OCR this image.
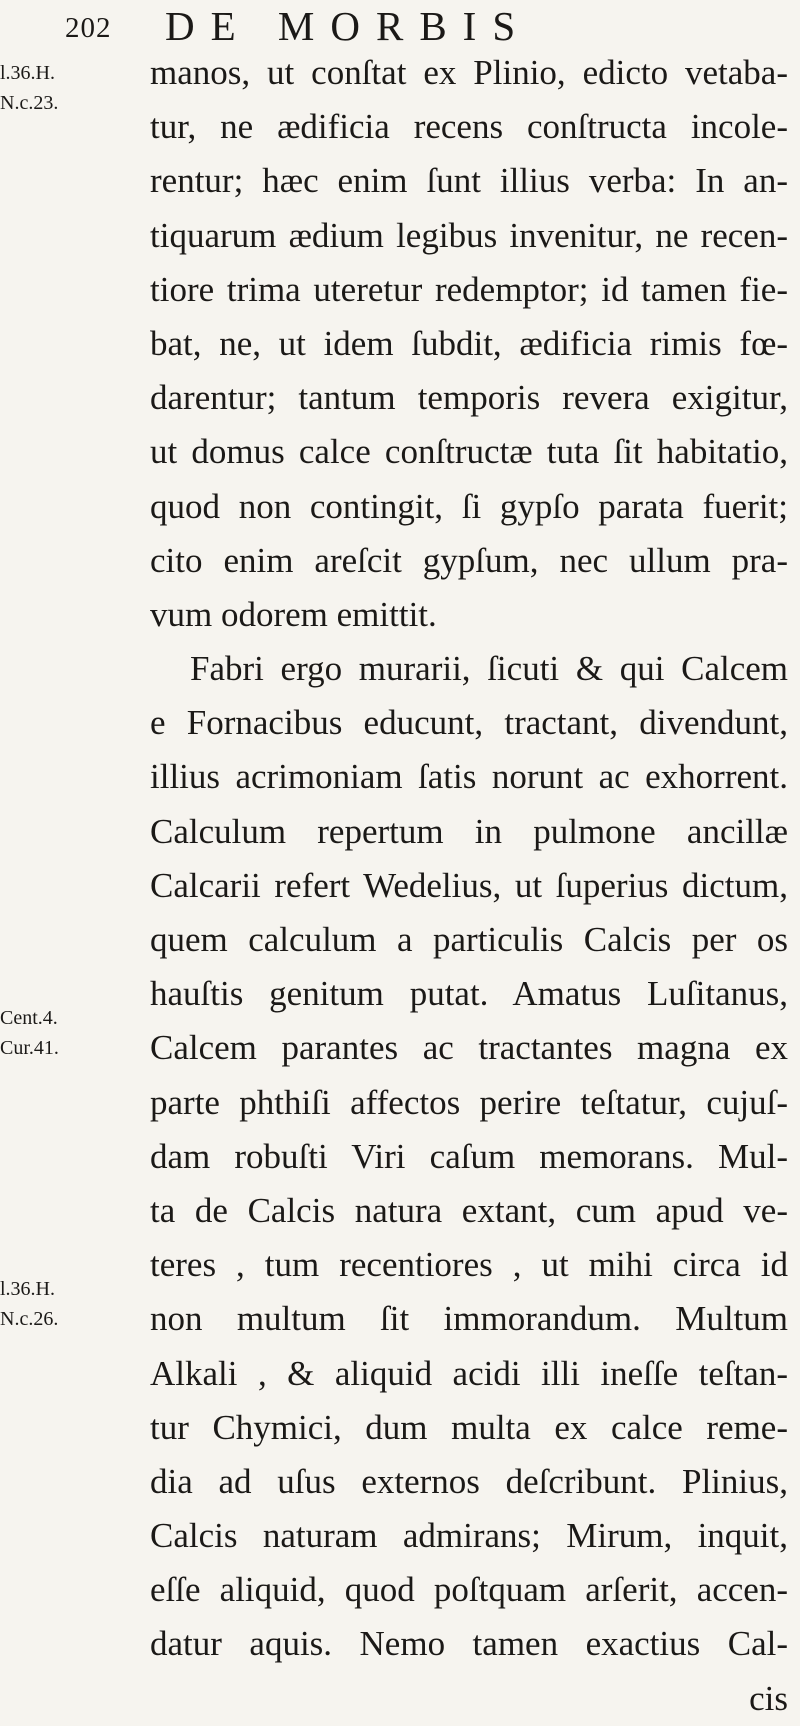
202 DE MORBIS
l.36.H.
N.c.23.
Cent.4.
Cur.41.
l.36.H.
N.c.26.
manos, ut conſtat ex Plinio, edicto vetaba-
tur, ne ædificia recens conſtructa incole-
rentur; hæc enim ſunt illius verba: In an-
tiquarum ædium legibus invenitur, ne recen-
tiore trima uteretur redemptor; id tamen fie-
bat, ne, ut idem ſubdit, ædificia rimis fœ-
darentur; tantum temporis revera exigitur,
ut domus calce conſtructæ tuta ſit habitatio,
quod non contingit, ſi gypſo parata fuerit;
cito enim areſcit gypſum, nec ullum pra-
vum odorem emittit.
Fabri ergo murarii, ſicuti & qui Calcem
e Fornacibus educunt, tractant, divendunt,
illius acrimoniam ſatis norunt ac exhorrent.
Calculum repertum in pulmone ancillæ
Calcarii refert Wedelius, ut ſuperius dictum,
quem calculum a particulis Calcis per os
hauſtis genitum putat. Amatus Luſitanus,
Calcem parantes ac tractantes magna ex
parte phthiſi affectos perire teſtatur, cujuſ-
dam robuſti Viri caſum memorans. Mul-
ta de Calcis natura extant, cum apud ve-
teres , tum recentiores , ut mihi circa id
non multum ſit immorandum. Multum
Alkali , & aliquid acidi illi ineſſe teſtan-
tur Chymici, dum multa ex calce reme-
dia ad uſus externos deſcribunt. Plinius,
Calcis naturam admirans; Mirum, inquit,
eſſe aliquid, quod poſtquam arſerit, accen-
datur aquis. Nemo tamen exactius Cal-
cis
